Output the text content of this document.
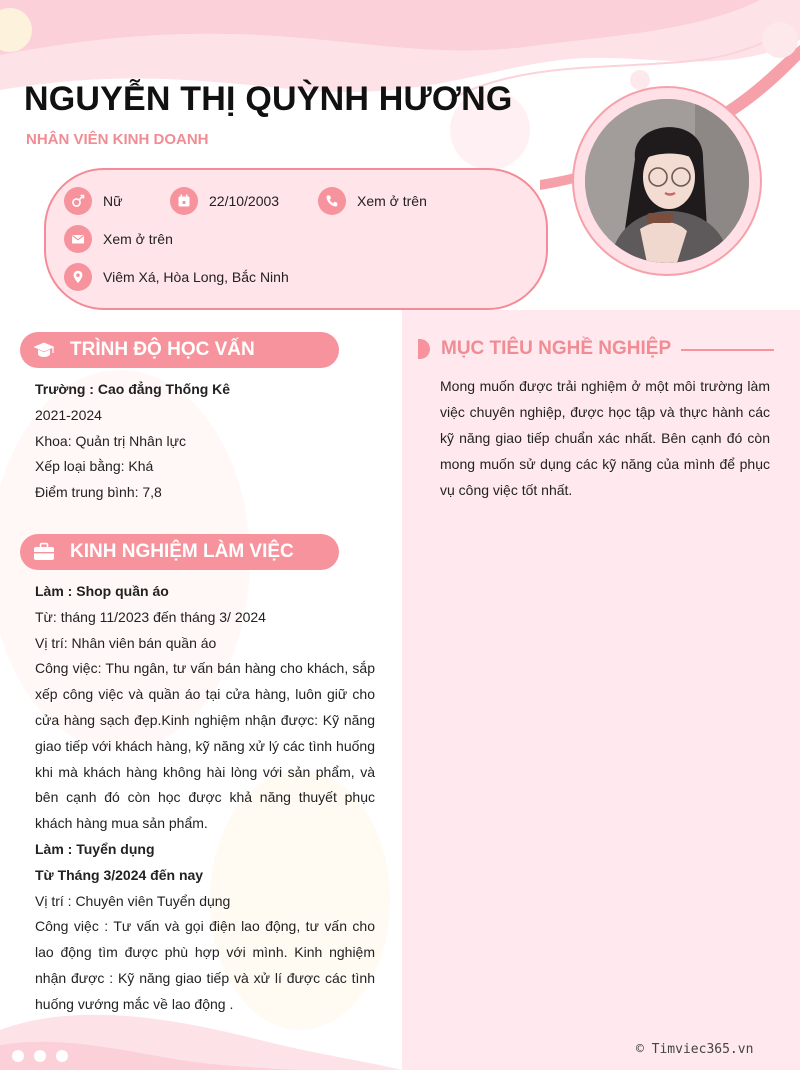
NGUYỄN THỊ QUỲNH HƯƠNG
NHÂN VIÊN KINH DOANH
Nữ	22/10/2003	Xem ở trên
Xem ở trên
Viêm Xá, Hòa Long, Bắc Ninh
TRÌNH ĐỘ HỌC VẤN

Trường : Cao đẳng Thống Kê

2021-2024

Khoa: Quản trị Nhân lực

Xếp loại bằng: Khá

Điểm trung bình: 7,8

KINH NGHIỆM LÀM VIỆC

Làm : Shop quần áo

Từ: tháng 11/2023 đến tháng 3/ 2024

Vị trí: Nhân viên bán quần áo

Công việc: Thu ngân, tư vấn bán hàng cho khách, sắp xếp công việc và quần áo tại cửa hàng, luôn giữ cho cửa hàng sạch đẹp.Kinh nghiệm nhận được: Kỹ năng giao tiếp với khách hàng, kỹ năng xử lý các tình huống khi mà khách hàng không hài lòng với sản phẩm, và bên cạnh đó còn học được khả năng thuyết phục khách hàng mua sản phẩm.

Làm : Tuyển dụng

Từ Tháng 3/2024 đến nay

Vị trí : Chuyên viên Tuyển dụng

Công việc : Tư vấn và gọi điện lao động, tư vấn cho lao động tìm được phù hợp với mình. Kinh nghiệm nhận được : Kỹ năng giao tiếp và xử lí được các tình huống vướng mắc về lao động .

MỤC TIÊU NGHỀ NGHIỆP
Mong muốn được trải nghiệm ở một môi trường làm việc chuyên nghiệp, được học tập và thực hành các kỹ năng giao tiếp chuẩn xác nhất. Bên cạnh đó còn mong muốn sử dụng các kỹ năng của mình để phục vụ công việc tốt nhất.
© Timviec365.vn
